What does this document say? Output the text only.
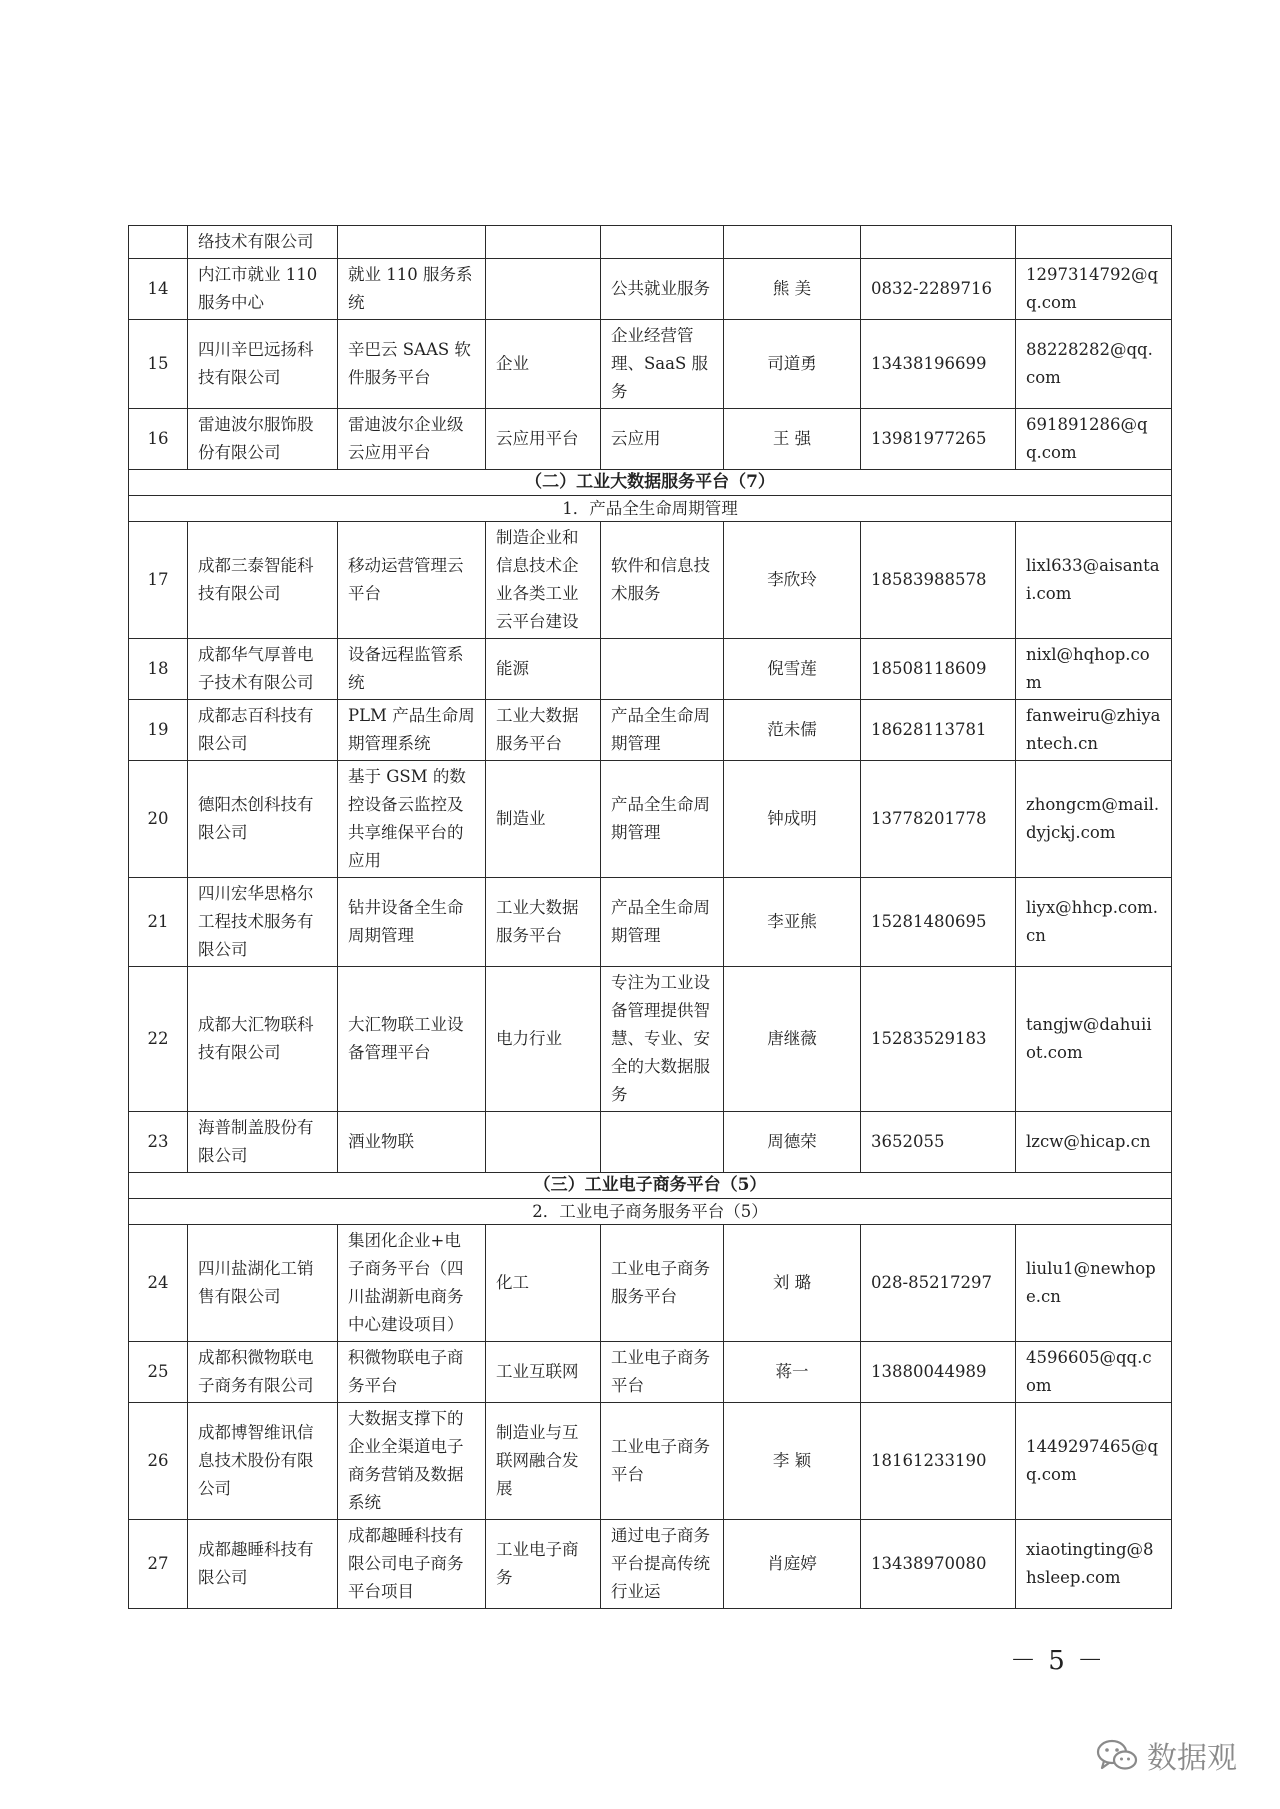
	络技术有限公司						
14	内江市就业 110 服务中心	就业 110 服务系统		公共就业服务	熊 美	0832-2289716	1297314792@qq.com
15	四川辛巴远扬科技有限公司	辛巴云 SAAS 软件服务平台	企业	企业经营管理、SaaS 服务	司道勇	13438196699	88228282@qq.com
16	雷迪波尔服饰股份有限公司	雷迪波尔企业级云应用平台	云应用平台	云应用	王 强	13981977265	691891286@qq.com
（二）工业大数据服务平台（7）							
1．产品全生命周期管理							
17	成都三泰智能科技有限公司	移动运营管理云平台	制造企业和信息技术企业各类工业云平台建设	软件和信息技术服务	李欣玲	18583988578	lixl633@aisantai.com
18	成都华气厚普电子技术有限公司	设备远程监管系统	能源		倪雪莲	18508118609	nixl@hqhop.com
19	成都志百科技有限公司	PLM 产品生命周期管理系统	工业大数据服务平台	产品全生命周期管理	范未儒	18628113781	fanweiru@zhiyantech.cn
20	德阳杰创科技有限公司	基于 GSM 的数控设备云监控及共享维保平台的应用	制造业	产品全生命周期管理	钟成明	13778201778	zhongcm@mail.dyjckj.com
21	四川宏华思格尔工程技术服务有限公司	钻井设备全生命周期管理	工业大数据服务平台	产品全生命周期管理	李亚熊	15281480695	liyx@hhcp.com.cn
22	成都大汇物联科技有限公司	大汇物联工业设备管理平台	电力行业	专注为工业设备管理提供智慧、专业、安全的大数据服务	唐继薇	15283529183	tangjw@dahuiiot.com
23	海普制盖股份有限公司	酒业物联			周德荣	3652055	lzcw@hicap.cn
（三）工业电子商务平台（5）							
2．工业电子商务服务平台（5）							
24	四川盐湖化工销售有限公司	集团化企业+电子商务平台（四川盐湖新电商务中心建设项目）	化工	工业电子商务服务平台	刘 璐	028-85217297	liulu1@newhope.cn
25	成都积微物联电子商务有限公司	积微物联电子商务平台	工业互联网	工业电子商务平台	蒋一	13880044989	4596605@qq.com
26	成都博智维讯信息技术股份有限公司	大数据支撑下的企业全渠道电子商务营销及数据系统	制造业与互联网融合发展	工业电子商务平台	李 颖	18161233190	1449297465@qq.com
27	成都趣睡科技有限公司	成都趣睡科技有限公司电子商务平台项目	工业电子商务	通过电子商务平台提高传统行业运	肖庭婷	13438970080	xiaotingting@8hsleep.com
－ 5 －
数据观
